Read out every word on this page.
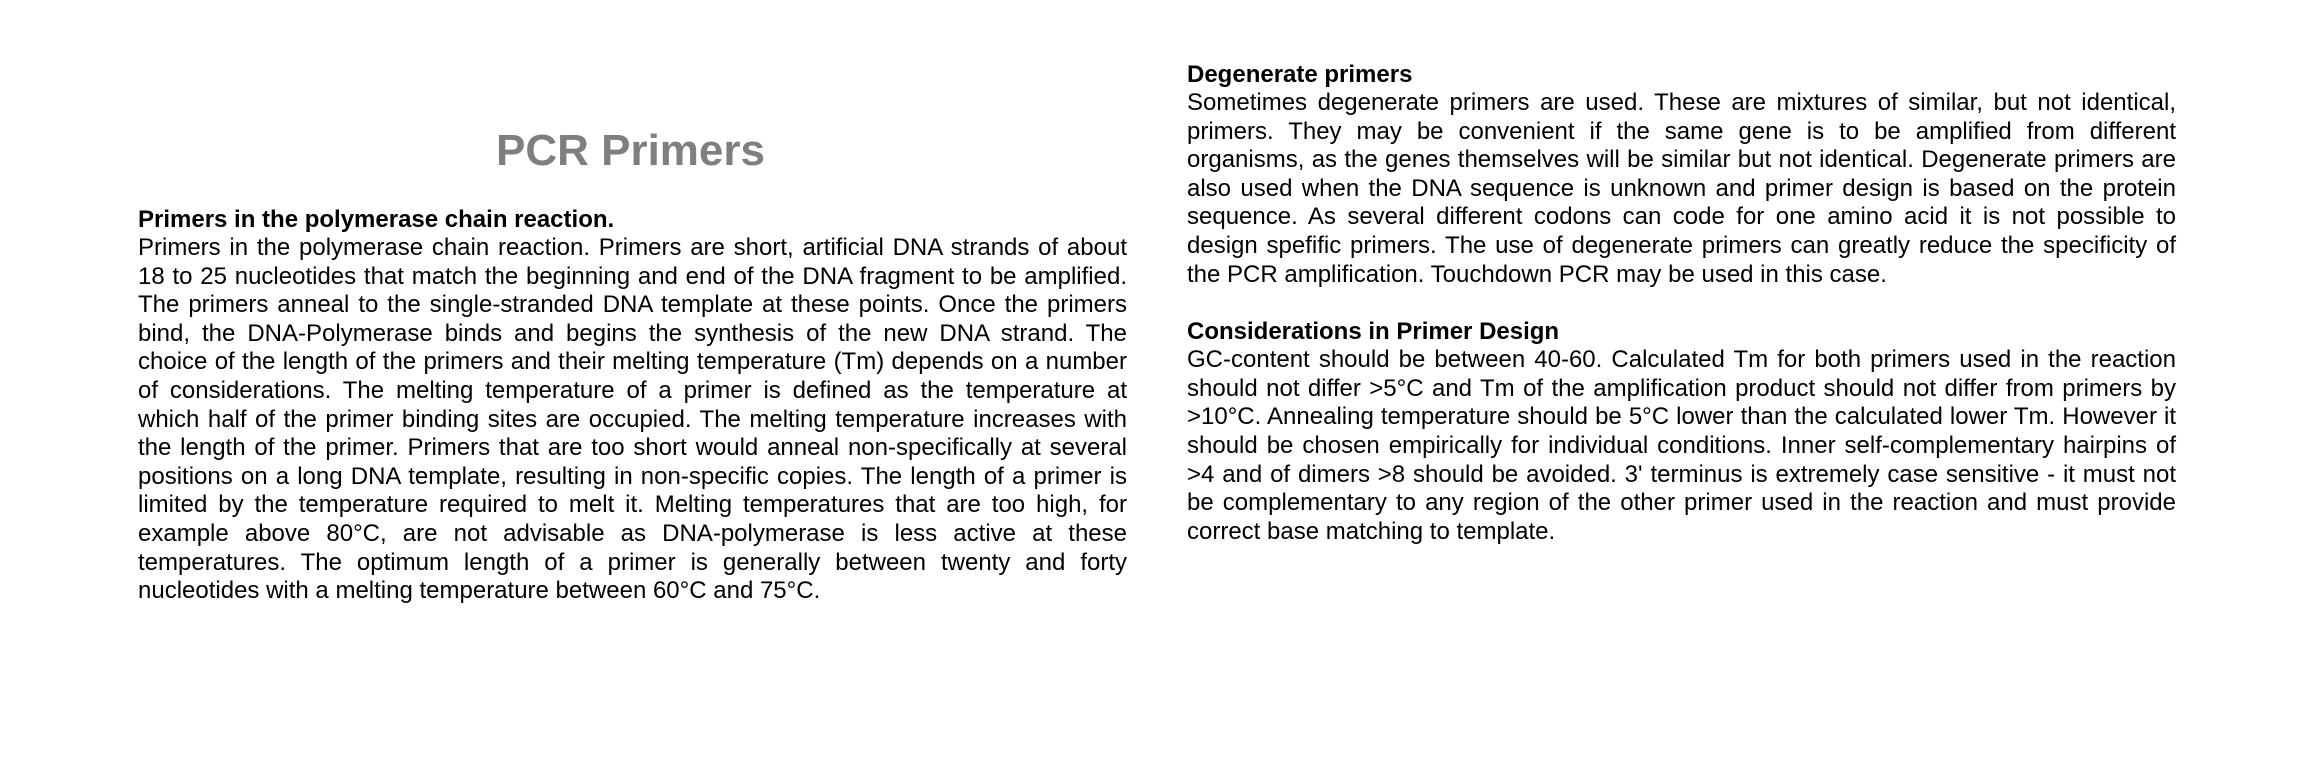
PCR Primers

Primers in the polymerase chain reaction.

Primers in the polymerase chain reaction. Primers are short, artificial DNA strands of about 18 to 25 nucleotides that match the beginning and end of the DNA fragment to be amplified. The primers anneal to the single-stranded DNA template at these points. Once the primers bind, the DNA-Polymerase binds and begins the synthesis of the new DNA strand. The choice of the length of the primers and their melting temperature (Tm) depends on a number of considerations. The melting temperature of a primer is defined as the temperature at which half of the primer binding sites are occupied. The melting temperature increases with the length of the primer. Primers that are too short would anneal non-specifically at several positions on a long DNA template, resulting in non-specific copies. The length of a primer is limited by the temperature required to melt it. Melting temperatures that are too high, for example above 80°C, are not advisable as DNA-polymerase is less active at these temperatures. The optimum length of a primer is generally between twenty and forty nucleotides with a melting temperature between 60°C and 75°C.

Degenerate primers

Sometimes degenerate primers are used. These are mixtures of similar, but not identical, primers. They may be convenient if the same gene is to be amplified from different organisms, as the genes themselves will be similar but not identical. Degenerate primers are also used when the DNA sequence is unknown and primer design is based on the protein sequence. As several different codons can code for one amino acid it is not possible to design spefific primers. The use of degenerate primers can greatly reduce the specificity of the PCR amplification. Touchdown PCR may be used in this case.

Considerations in Primer Design

GC-content should be between 40-60. Calculated Tm for both primers used in the reaction should not differ >5°C and Tm of the amplification product should not differ from primers by >10°C. Annealing temperature should be 5°C lower than the calculated lower Tm. However it should be chosen empirically for individual conditions. Inner self-complementary hairpins of >4 and of dimers >8 should be avoided. 3' terminus is extremely case sensitive - it must not be complementary to any region of the other primer used in the reaction and must provide correct base matching to template.
